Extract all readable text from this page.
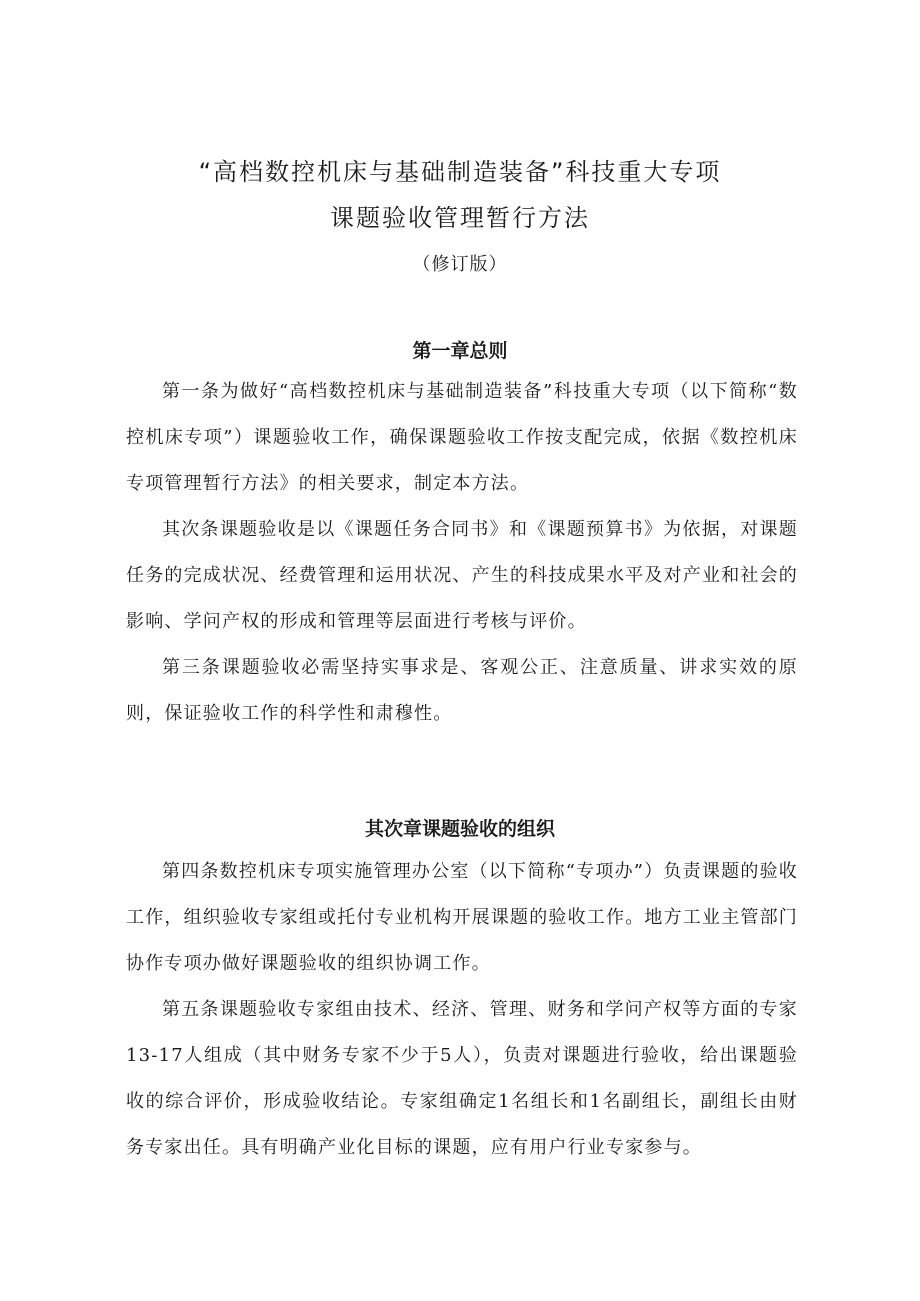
“高档数控机床与基础制造装备”科技重大专项
课题验收管理暂行方法
（修订版）
第一章总则

第一条为做好“高档数控机床与基础制造装备”科技重大专项（以下简称“数控机床专项”）课题验收工作，确保课题验收工作按支配完成，依据《数控机床专项管理暂行方法》的相关要求，制定本方法。

其次条课题验收是以《课题任务合同书》和《课题预算书》为依据，对课题任务的完成状况、经费管理和运用状况、产生的科技成果水平及对产业和社会的影响、学问产权的形成和管理等层面进行考核与评价。

第三条课题验收必需坚持实事求是、客观公正、注意质量、讲求实效的原则，保证验收工作的科学性和肃穆性。

其次章课题验收的组织

第四条数控机床专项实施管理办公室（以下简称“专项办”）负责课题的验收工作，组织验收专家组或托付专业机构开展课题的验收工作。地方工业主管部门协作专项办做好课题验收的组织协调工作。

第五条课题验收专家组由技术、经济、管理、财务和学问产权等方面的专家13-17人组成（其中财务专家不少于5人），负责对课题进行验收，给出课题验收的综合评价，形成验收结论。专家组确定1名组长和1名副组长，副组长由财务专家出任。具有明确产业化目标的课题，应有用户行业专家参与。
